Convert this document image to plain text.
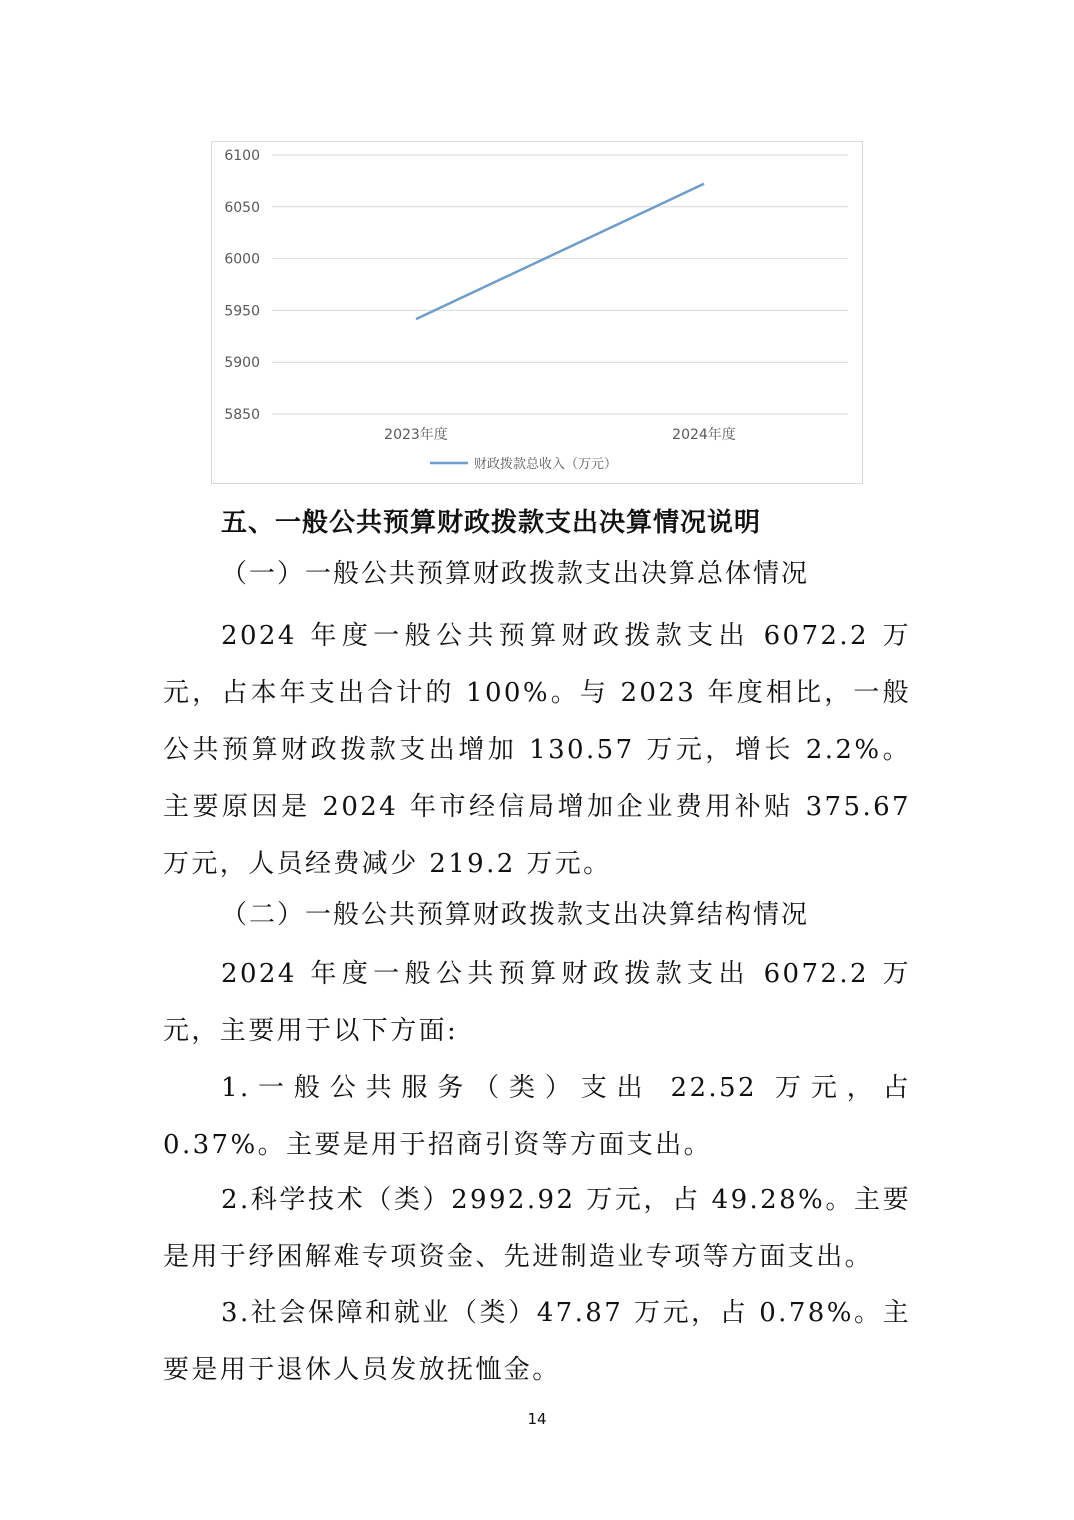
5850
5900
5950
6000
6050
6100
2023年度	2024年度
财政拨款总收入（万元）
五、一般公共预算财政拨款支出决算情况说明
（一）一般公共预算财政拨款支出决算总体情况
2024 年度一般公共预算财政拨款支出 6072.2 万元，占本年支出合计的 100%。与 2023 年度相比，一般公共预算财政拨款支出增加 130.57 万元，增长 2.2%。主要原因是 2024 年市经信局增加企业费用补贴 375.67 万元，人员经费减少 219.2 万元。
（二）一般公共预算财政拨款支出决算结构情况
2024 年度一般公共预算财政拨款支出 6072.2 万元，主要用于以下方面:
1.一般公共服务（类）支出 22.52 万元，占 0.37%。主要是用于招商引资等方面支出。
2.科学技术（类）2992.92 万元，占 49.28%。主要是用于纾困解难专项资金、先进制造业专项等方面支出。
3.社会保障和就业（类）47.87 万元，占 0.78%。主要是用于退休人员发放抚恤金。
14
